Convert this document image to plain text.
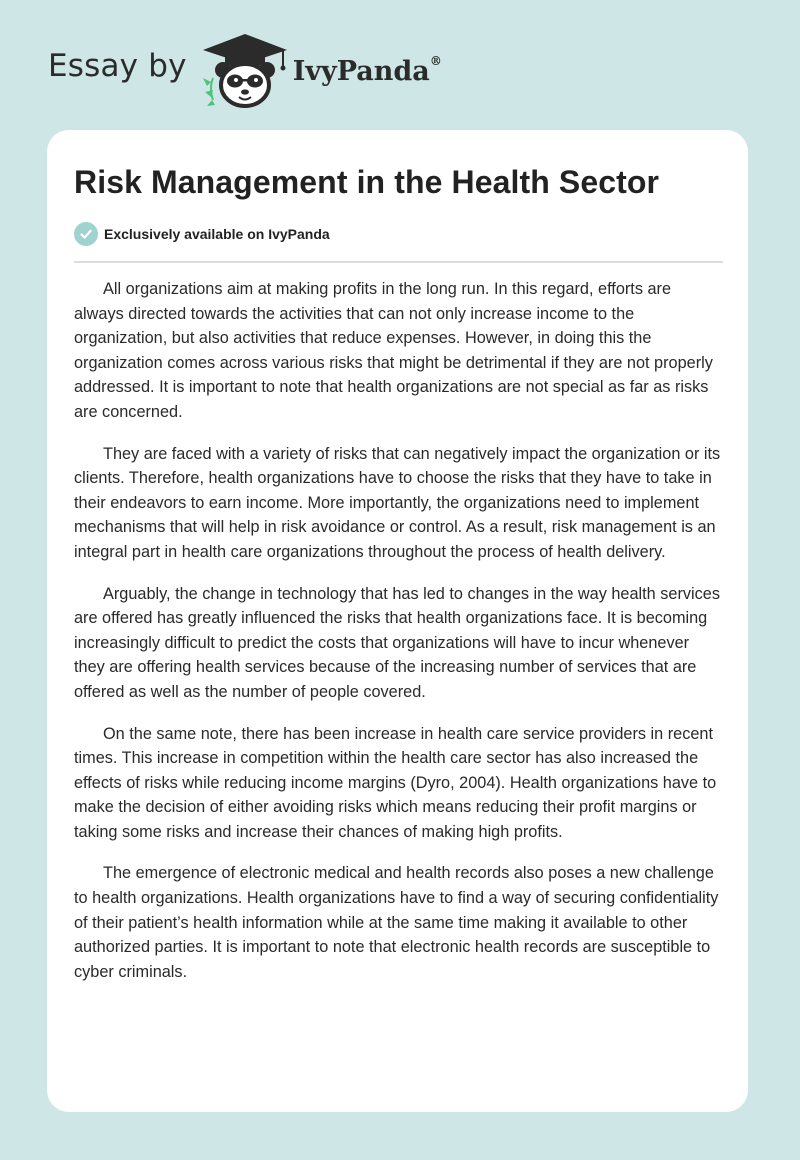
Essay by	IvyPanda®
Risk Management in the Health Sector
Exclusively available on IvyPanda

All organizations aim at making profits in the long run. In this regard, efforts are always directed towards the activities that can not only increase income to the organization, but also activities that reduce expenses. However, in doing this the organization comes across various risks that might be detrimental if they are not properly addressed. It is important to note that health organizations are not special as far as risks are concerned.

They are faced with a variety of risks that can negatively impact the organization or its clients. Therefore, health organizations have to choose the risks that they have to take in their endeavors to earn income. More importantly, the organizations need to implement mechanisms that will help in risk avoidance or control. As a result, risk management is an integral part in health care organizations throughout the process of health delivery.

Arguably, the change in technology that has led to changes in the way health services are offered has greatly influenced the risks that health organizations face. It is becoming increasingly difficult to predict the costs that organizations will have to incur whenever they are offering health services because of the increasing number of services that are offered as well as the number of people covered.

On the same note, there has been increase in health care service providers in recent times. This increase in competition within the health care sector has also increased the effects of risks while reducing income margins (Dyro, 2004). Health organizations have to make the decision of either avoiding risks which means reducing their profit margins or taking some risks and increase their chances of making high profits.

The emergence of electronic medical and health records also poses a new challenge to health organizations. Health organizations have to find a way of securing confidentiality of their patient’s health information while at the same time making it available to other authorized parties. It is important to note that electronic health records are susceptible to cyber criminals.
